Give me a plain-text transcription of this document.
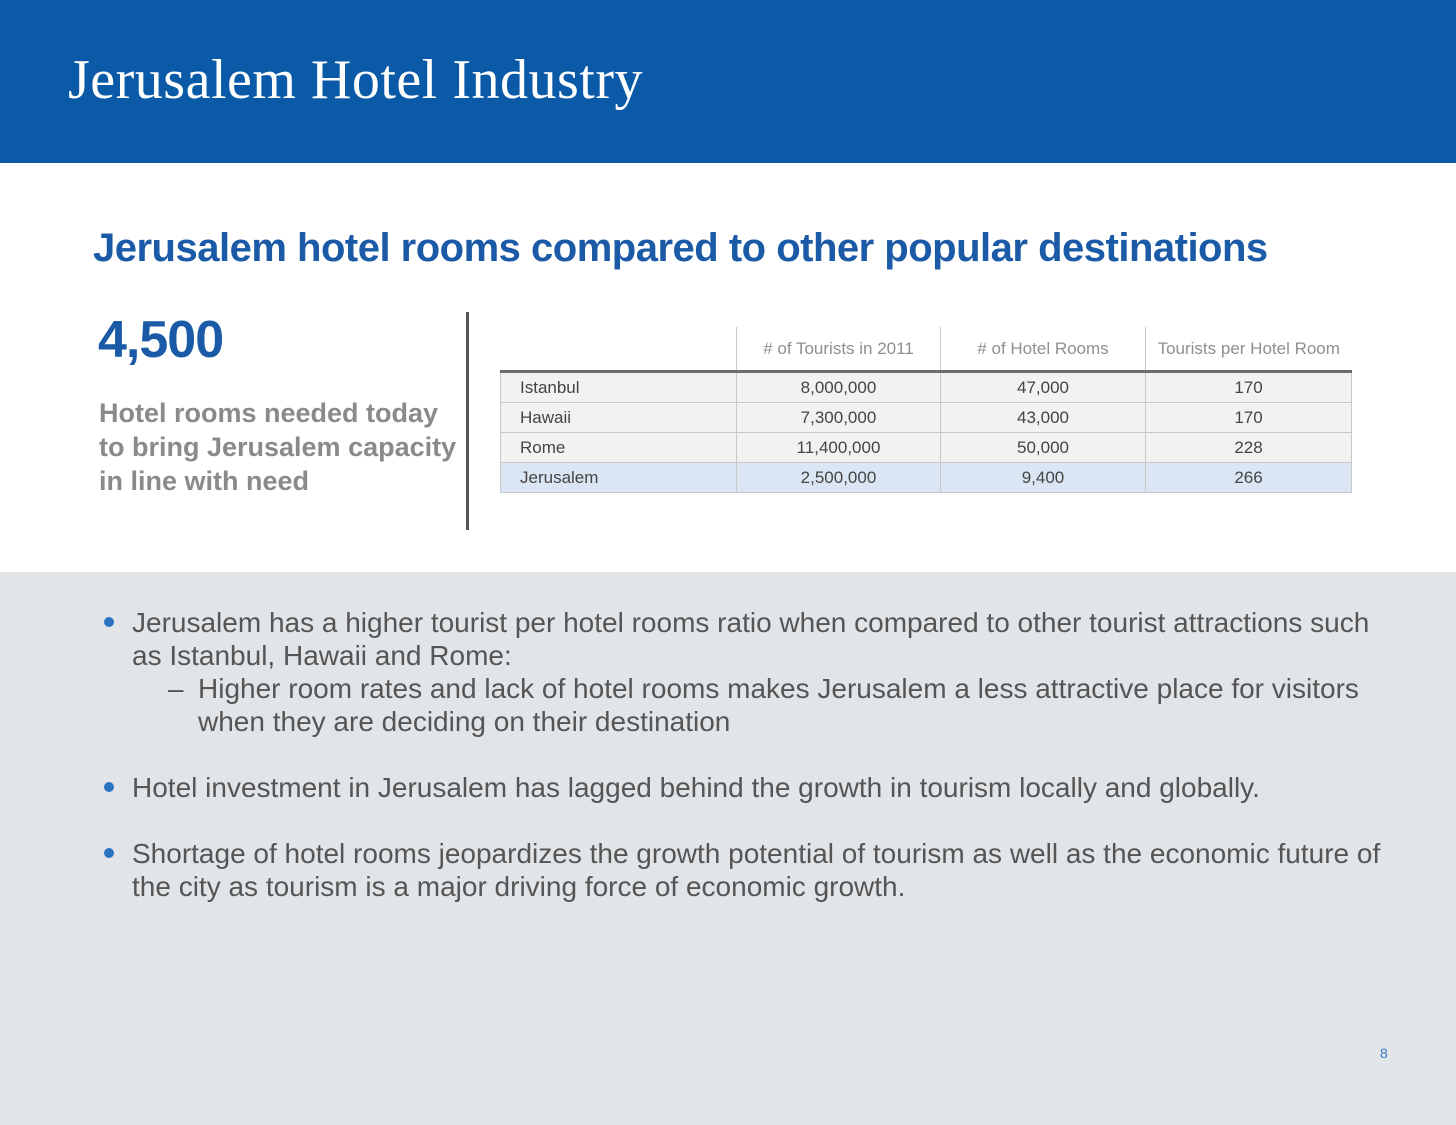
Jerusalem Hotel Industry
Jerusalem hotel rooms compared to other popular destinations
4,500
Hotel rooms needed today to bring Jerusalem capacity in line with need
	# of Tourists in 2011	# of Hotel Rooms	Tourists per Hotel Room
Istanbul	8,000,000	47,000	170
Hawaii	7,300,000	43,000	170
Rome	11,400,000	50,000	228
Jerusalem	2,500,000	9,400	266
Jerusalem has a higher tourist per hotel rooms ratio when compared to other tourist attractions such as Istanbul, Hawaii and Rome:
– Higher room rates and lack of hotel rooms makes Jerusalem a less attractive place for visitors when they are deciding on their destination
Hotel investment in Jerusalem has lagged behind the growth in tourism locally and globally.
Shortage of hotel rooms jeopardizes the growth potential of tourism as well as the economic future of the city as tourism is a major driving force of economic growth.
8
